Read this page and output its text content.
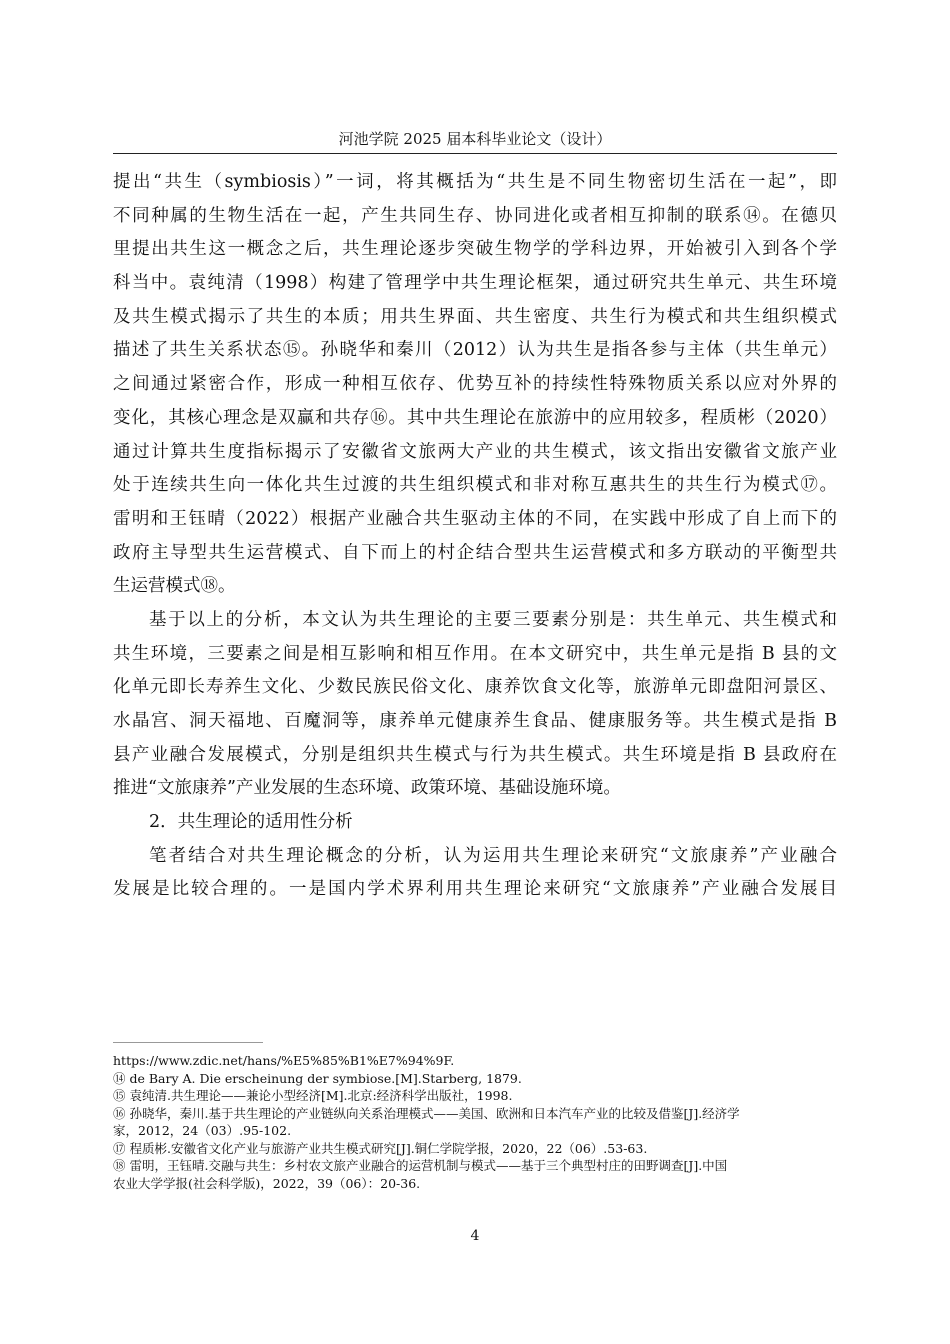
河池学院 2025 届本科毕业论文（设计）
提出“共生（symbiosis）”一词，将其概括为“共生是不同生物密切生活在一起”，即
不同种属的生物生活在一起，产生共同生存、协同进化或者相互抑制的联系⑭。在德贝
里提出共生这一概念之后，共生理论逐步突破生物学的学科边界，开始被引入到各个学
科当中。袁纯清（1998）构建了管理学中共生理论框架，通过研究共生单元、共生环境
及共生模式揭示了共生的本质；用共生界面、共生密度、共生行为模式和共生组织模式
描述了共生关系状态⑮。孙晓华和秦川（2012）认为共生是指各参与主体（共生单元）
之间通过紧密合作，形成一种相互依存、优势互补的持续性特殊物质关系以应对外界的
变化，其核心理念是双赢和共存⑯。其中共生理论在旅游中的应用较多，程质彬（2020）
通过计算共生度指标揭示了安徽省文旅两大产业的共生模式，该文指出安徽省文旅产业
处于连续共生向一体化共生过渡的共生组织模式和非对称互惠共生的共生行为模式⑰。
雷明和王钰晴（2022）根据产业融合共生驱动主体的不同，在实践中形成了自上而下的
政府主导型共生运营模式、自下而上的村企结合型共生运营模式和多方联动的平衡型共
生运营模式⑱。
基于以上的分析，本文认为共生理论的主要三要素分别是：共生单元、共生模式和
共生环境，三要素之间是相互影响和相互作用。在本文研究中，共生单元是指 B 县的文
化单元即长寿养生文化、少数民族民俗文化、康养饮食文化等，旅游单元即盘阳河景区、
水晶宫、洞天福地、百魔洞等，康养单元健康养生食品、健康服务等。共生模式是指 B
县产业融合发展模式，分别是组织共生模式与行为共生模式。共生环境是指 B 县政府在
推进“文旅康养”产业发展的生态环境、政策环境、基础设施环境。
2．共生理论的适用性分析
笔者结合对共生理论概念的分析，认为运用共生理论来研究“文旅康养”产业融合
发展是比较合理的。一是国内学术界利用共生理论来研究“文旅康养”产业融合发展目
https://www.zdic.net/hans/%E5%85%B1%E7%94%9F.
⑭ de Bary A. Die erscheinung der symbiose.[M].Starberg, 1879.
⑮ 袁纯清.共生理论——兼论小型经济[M].北京:经济科学出版社，1998.
⑯ 孙晓华，秦川.基于共生理论的产业链纵向关系治理模式——美国、欧洲和日本汽车产业的比较及借鉴[J].经济学
家，2012，24（03）.95-102.
⑰ 程质彬.安徽省文化产业与旅游产业共生模式研究[J].铜仁学院学报，2020，22（06）.53-63.
⑱ 雷明，王钰晴.交融与共生：乡村农文旅产业融合的运营机制与模式——基于三个典型村庄的田野调查[J].中国
农业大学学报(社会科学版)，2022，39（06）：20-36.
4
